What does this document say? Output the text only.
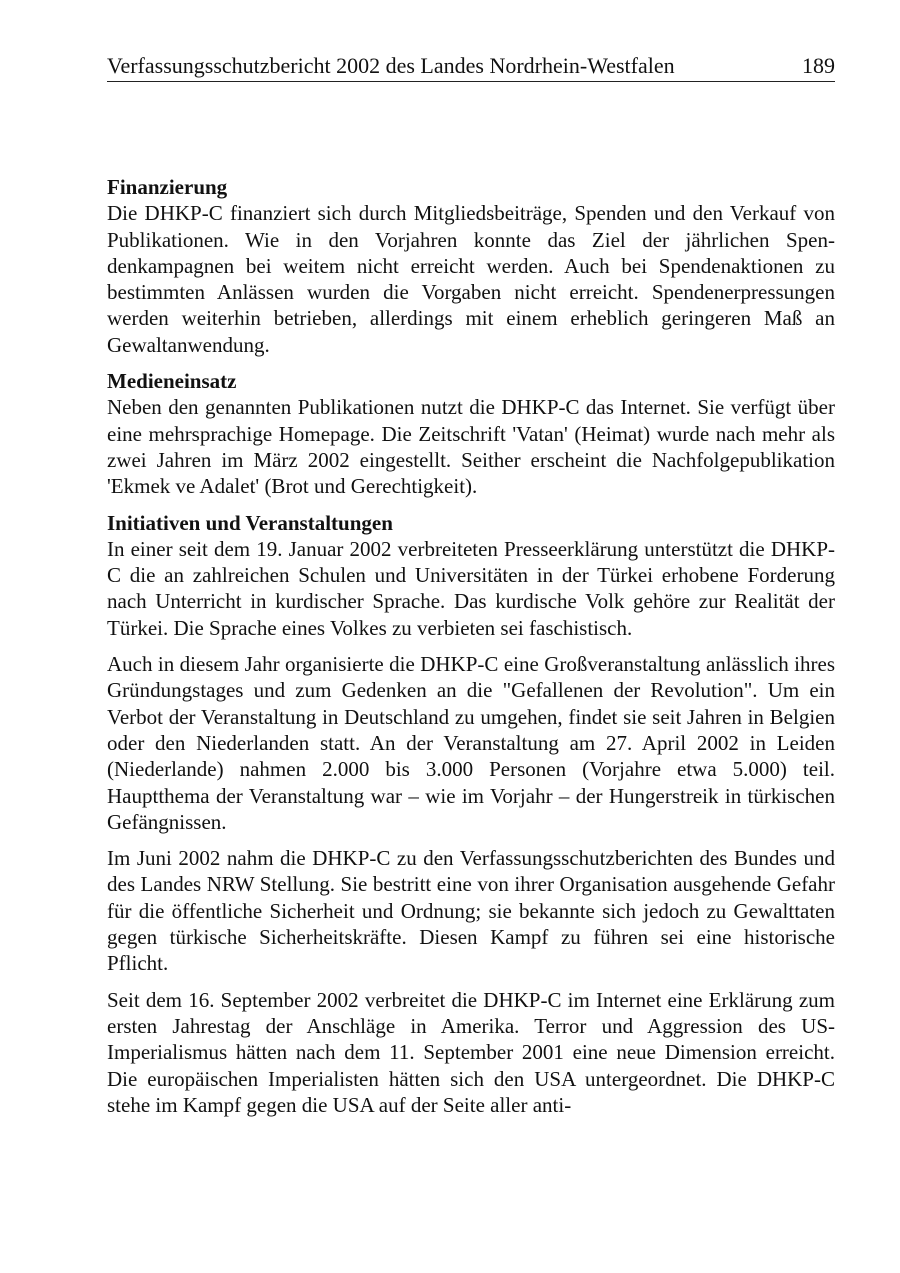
Verfassungsschutzbericht 2002 des Landes Nordrhein-Westfalen	189
Finanzierung

Die DHKP-C finanziert sich durch Mitgliedsbeiträge, Spenden und den Verkauf von Publikationen. Wie in den Vorjahren konnte das Ziel der jährlichen Spendenkampagnen bei weitem nicht erreicht werden. Auch bei Spendenaktionen zu bestimmten Anlässen wurden die Vorgaben nicht erreicht. Spendenerpressungen werden weiterhin betrieben, allerdings mit einem erheblich geringeren Maß an Gewaltanwendung.

Medieneinsatz

Neben den genannten Publikationen nutzt die DHKP-C das Internet. Sie verfügt über eine mehrsprachige Homepage. Die Zeitschrift 'Vatan' (Heimat) wurde nach mehr als zwei Jahren im März 2002 eingestellt. Seither erscheint die Nachfolgepublikation 'Ekmek ve Adalet' (Brot und Gerechtigkeit).

Initiativen und Veranstaltungen

In einer seit dem 19. Januar 2002 verbreiteten Presseerklärung unterstützt die DHKP-C die an zahlreichen Schulen und Universitäten in der Türkei erhobene Forderung nach Unterricht in kurdischer Sprache. Das kurdische Volk gehöre zur Realität der Türkei. Die Sprache eines Volkes zu verbieten sei faschistisch.

Auch in diesem Jahr organisierte die DHKP-C eine Großveranstaltung anlässlich ihres Gründungstages und zum Gedenken an die "Gefallenen der Revolution". Um ein Verbot der Veranstaltung in Deutschland zu umgehen, findet sie seit Jahren in Belgien oder den Niederlanden statt. An der Veranstaltung am 27. April 2002 in Leiden (Niederlande) nahmen 2.000 bis 3.000 Personen (Vorjahre etwa 5.000) teil. Hauptthema der Veranstaltung war – wie im Vorjahr – der Hungerstreik in türkischen Gefängnissen.

Im Juni 2002 nahm die DHKP-C zu den Verfassungsschutzberichten des Bundes und des Landes NRW Stellung. Sie bestritt eine von ihrer Organisation ausgehende Gefahr für die öffentliche Sicherheit und Ordnung; sie bekannte sich jedoch zu Gewalttaten gegen türkische Sicherheitskräfte. Diesen Kampf zu führen sei eine historische Pflicht.

Seit dem 16. September 2002 verbreitet die DHKP-C im Internet eine Erklärung zum ersten Jahrestag der Anschläge in Amerika. Terror und Aggression des US-Imperialismus hätten nach dem 11. September 2001 eine neue Dimension erreicht. Die europäischen Imperialisten hätten sich den USA untergeordnet. Die DHKP-C stehe im Kampf gegen die USA auf der Seite aller anti-
